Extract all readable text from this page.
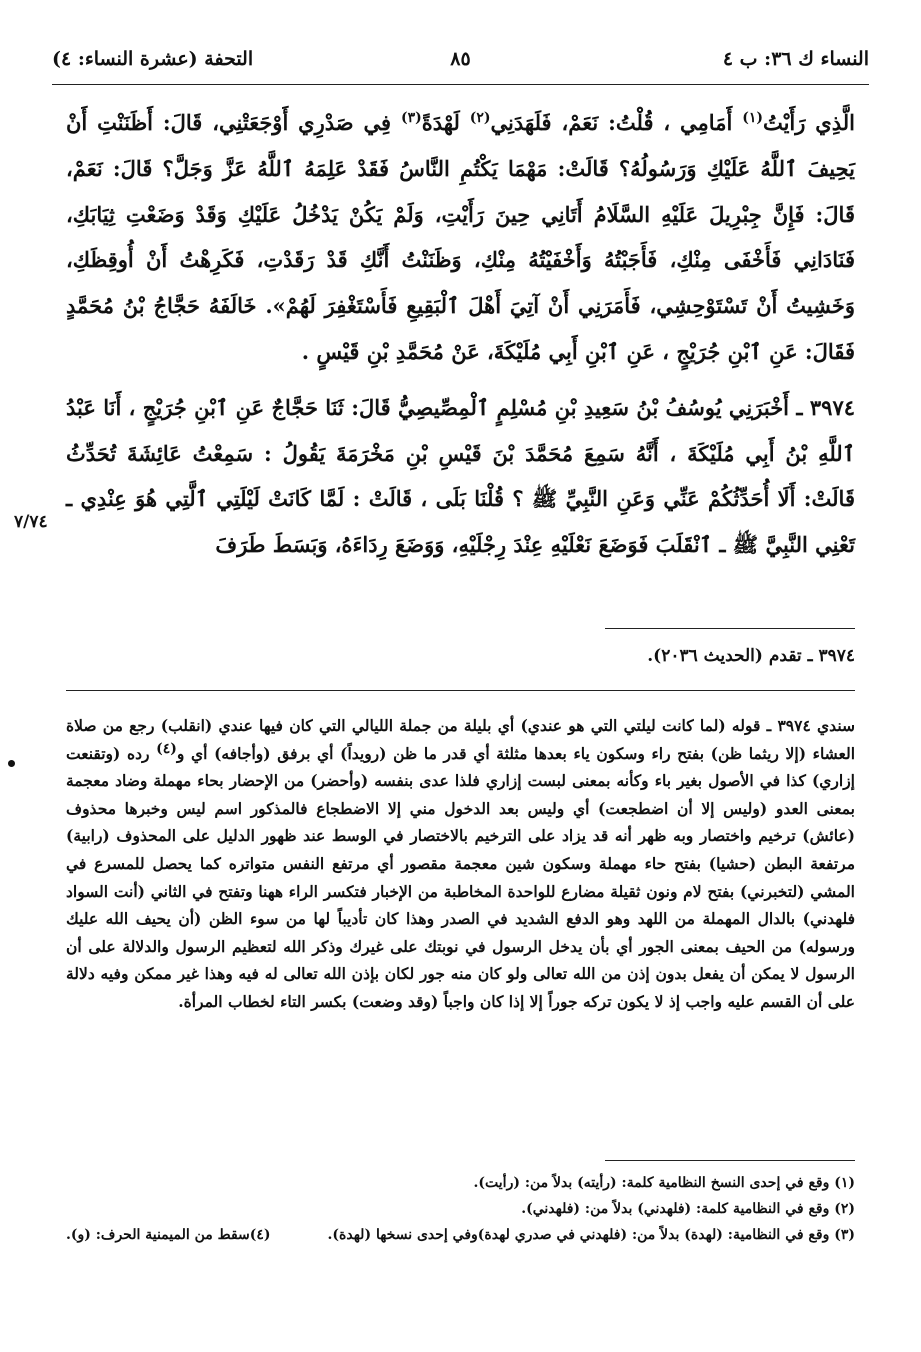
النساء ك ٣٦: ب ٤
٨٥
التحفة (عشرة النساء: ٤)

الَّذِي رَأَيْتُ$^{(١)}$ أَمَامِي ، قُلْتُ: نَعَمْ، فَلَهَدَنِي$^{(٢)}$ لَهْدَةً$^{(٣)}$ فِي صَدْرِي أَوْجَعَتْنِي، قَالَ: أَظَنَنْتِ أَنْ يَحِيفَ ٱللَّهُ عَلَيْكِ وَرَسُولُهُ؟ قَالَتْ: مَهْمَا يَكْتُمِ النَّاسُ فَقَدْ عَلِمَهُ ٱللَّهُ عَزَّ وَجَلَّ؟ قَالَ: نَعَمْ، قَالَ: فَإِنَّ جِبْرِيلَ عَلَيْهِ السَّلَامُ أَتَانِي حِينَ رَأَيْتِ، وَلَمْ يَكُنْ يَدْخُلُ عَلَيْكِ وَقَدْ وَضَعْتِ ثِيَابَكِ، فَنَادَانِي فَأَخْفَى مِنْكِ، فَأَجَبْتُهُ وَأَخْفَيْتُهُ مِنْكِ، وَظَنَنْتُ أَنَّكِ قَدْ رَقَدْتِ، فَكَرِهْتُ أَنْ أُوقِظَكِ، وَخَشِيتُ أَنْ تَسْتَوْحِشِي، فَأَمَرَنِي أَنْ آتِيَ أَهْلَ ٱلْبَقِيعِ فَأَسْتَغْفِرَ لَهُمْ». خَالَفَهُ حَجَّاجُ بْنُ مُحَمَّدٍ فَقَالَ: عَنِ ٱبْنِ جُرَيْجٍ ، عَنِ ٱبْنِ أَبِي مُلَيْكَةَ، عَنْ مُحَمَّدِ بْنِ قَيْسٍ .

٣٩٧٤ ـ أَخْبَرَنِي يُوسُفُ بْنُ سَعِيدِ بْنِ مُسْلِمٍ ٱلْمِصِّيصِيُّ قَالَ: ثَنَا حَجَّاجٌ عَنِ ٱبْنِ جُرَيْجٍ ، أَنَا عَبْدُ ٱللَّهِ بْنُ أَبِي مُلَيْكَةَ ، أَنَّهُ سَمِعَ مُحَمَّدَ بْنَ قَيْسِ بْنِ مَخْرَمَةَ يَقُولُ : سَمِعْتُ عَائِشَةَ تُحَدِّثُ قَالَتْ: أَلَا أُحَدِّثُكُمْ عَنِّي وَعَنِ النَّبِيِّ ﷺ ؟ قُلْنَا بَلَى ، قَالَتْ : لَمَّا كَانَتْ لَيْلَتِي ٱلَّتِي هُوَ عِنْدِي ـ تَعْنِي النَّبِيَّ ﷺ ـ ٱنْقَلَبَ فَوَضَعَ نَعْلَيْهِ عِنْدَ رِجْلَيْهِ، وَوَضَعَ رِدَاءَهُ، وَبَسَطَ طَرَفَ

٧/٧٤
٣٩٧٤ ـ تقدم (الحديث ٢٠٣٦).

سندي ٣٩٧٤ ـ قوله (لما كانت ليلتي التي هو عندي) أي بليلة من جملة الليالي التي كان فيها عندي (انقلب) رجع من صلاة العشاء (إلا ريثما ظن) بفتح راء وسكون ياء بعدها مثلثة أي قدر ما ظن (رويداً) أي برفق (وأجافه) أي و(٤) رده (وتقنعت إزاري) كذا في الأصول بغير باء وكأنه بمعنى لبست إزاري فلذا عدى بنفسه (وأحضر) من الإحضار بحاء مهملة وضاد معجمة بمعنى العدو (وليس إلا أن اضطجعت) أي وليس بعد الدخول مني إلا الاضطجاع فالمذكور اسم ليس وخبرها محذوف (عائش) ترخيم واختصار وبه ظهر أنه قد يزاد على الترخيم بالاختصار في الوسط عند ظهور الدليل على المحذوف (رابية) مرتفعة البطن (حشيا) بفتح حاء مهملة وسكون شين معجمة مقصور أي مرتفع النفس متواتره كما يحصل للمسرع في المشي (لتخبرني) بفتح لام ونون ثقيلة مضارع للواحدة المخاطبة من الإخبار فتكسر الراء ههنا وتفتح في الثاني (أنت السواد فلهدني) بالدال المهملة من اللهد وهو الدفع الشديد في الصدر وهذا كان تأديباً لها من سوء الظن (أن يحيف الله عليك ورسوله) من الحيف بمعنى الجور أي بأن يدخل الرسول في نوبتك على غيرك وذكر الله لتعظيم الرسول والدلالة على أن الرسول لا يمكن أن يفعل بدون إذن من الله تعالى ولو كان منه جور لكان بإذن الله تعالى له فيه وهذا غير ممكن وفيه دلالة على أن القسم عليه واجب إذ لا يكون تركه جوراً إلا إذا كان واجباً (وقد وضعت) بكسر التاء لخطاب المرأة.

(١) وقع في إحدى النسخ النظامية كلمة: (رأيته) بدلاً من: (رأيت).
(٢) وقع في النظامية كلمة: (فلهدني) بدلاً من: (فلهدني).
(٣) وقع في النظامية: (لهدة) بدلاً من: (فلهدني في صدري لهدة)وفي إحدى نسخها (لهدة).
(٤)سقط من الميمنية الحرف: (و).
